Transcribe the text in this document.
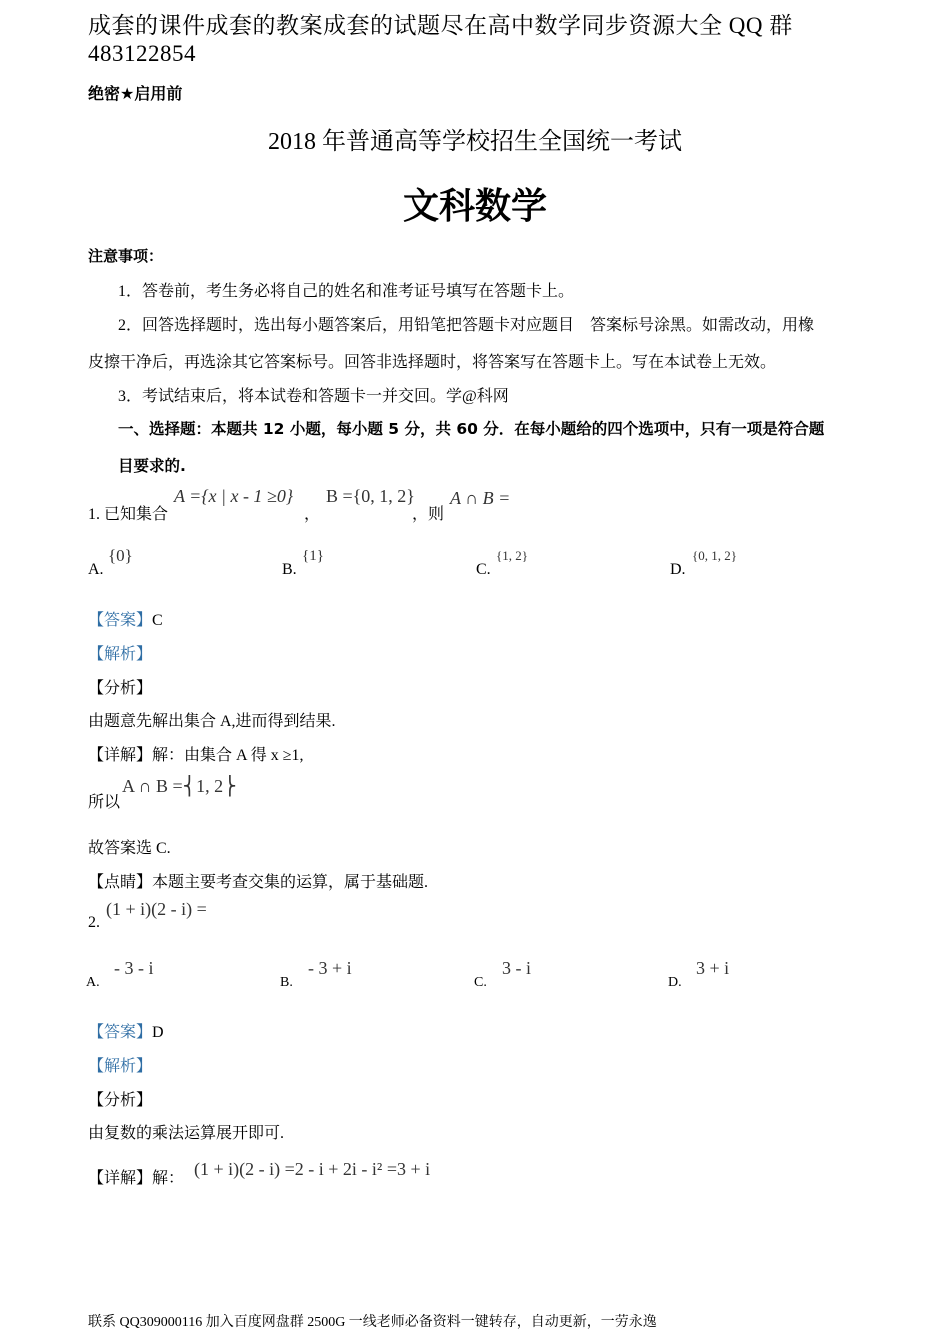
成套的课件成套的教案成套的试题尽在高中数学同步资源大全 QQ 群
483122854
绝密★启用前
2018 年普通高等学校招生全国统一考试
文科数学
注意事项：
1．答卷前，考生务必将自己的姓名和准考证号填写在答题卡上。
2．回答选择题时，选出每小题答案后，用铅笔把答题卡对应题目　答案标号涂黑。如需改动，用橡
皮擦干净后，再选涂其它答案标号。回答非选择题时，将答案写在答题卡上。写在本试卷上无效。
3．考试结束后，将本试卷和答题卡一并交回。学@科网
一、选择题：本题共 12 小题，每小题 5 分，共 60 分．在每小题给的四个选项中，只有一项是符合题
目要求的.
1. 已知集合
A ={x | x - 1 ≥0}
，
B ={0, 1, 2}
，则
A ∩ B =
A.
{0}
B.
{1}
C.
{1, 2}
D.
{0, 1, 2}
【答案】C
【解析】
【分析】
由题意先解出集合 A,进而得到结果.
【详解】解：由集合 A 得 x ≥1,
所以
A ∩ B =⎨1, 2⎬
故答案选 C.
【点睛】本题主要考查交集的运算，属于基础题.
2.
(1 + i)(2 - i) =
A.
- 3 - i
B.
- 3 + i
C.
3 - i
D.
3 + i
【答案】D
【解析】
【分析】
由复数的乘法运算展开即可.
【详解】解： (1 + i)(2 - i) =2 - i + 2i - i² =3 + i
联系 QQ309000116 加入百度网盘群 2500G 一线老师必备资料一键转存，自动更新，一劳永逸
